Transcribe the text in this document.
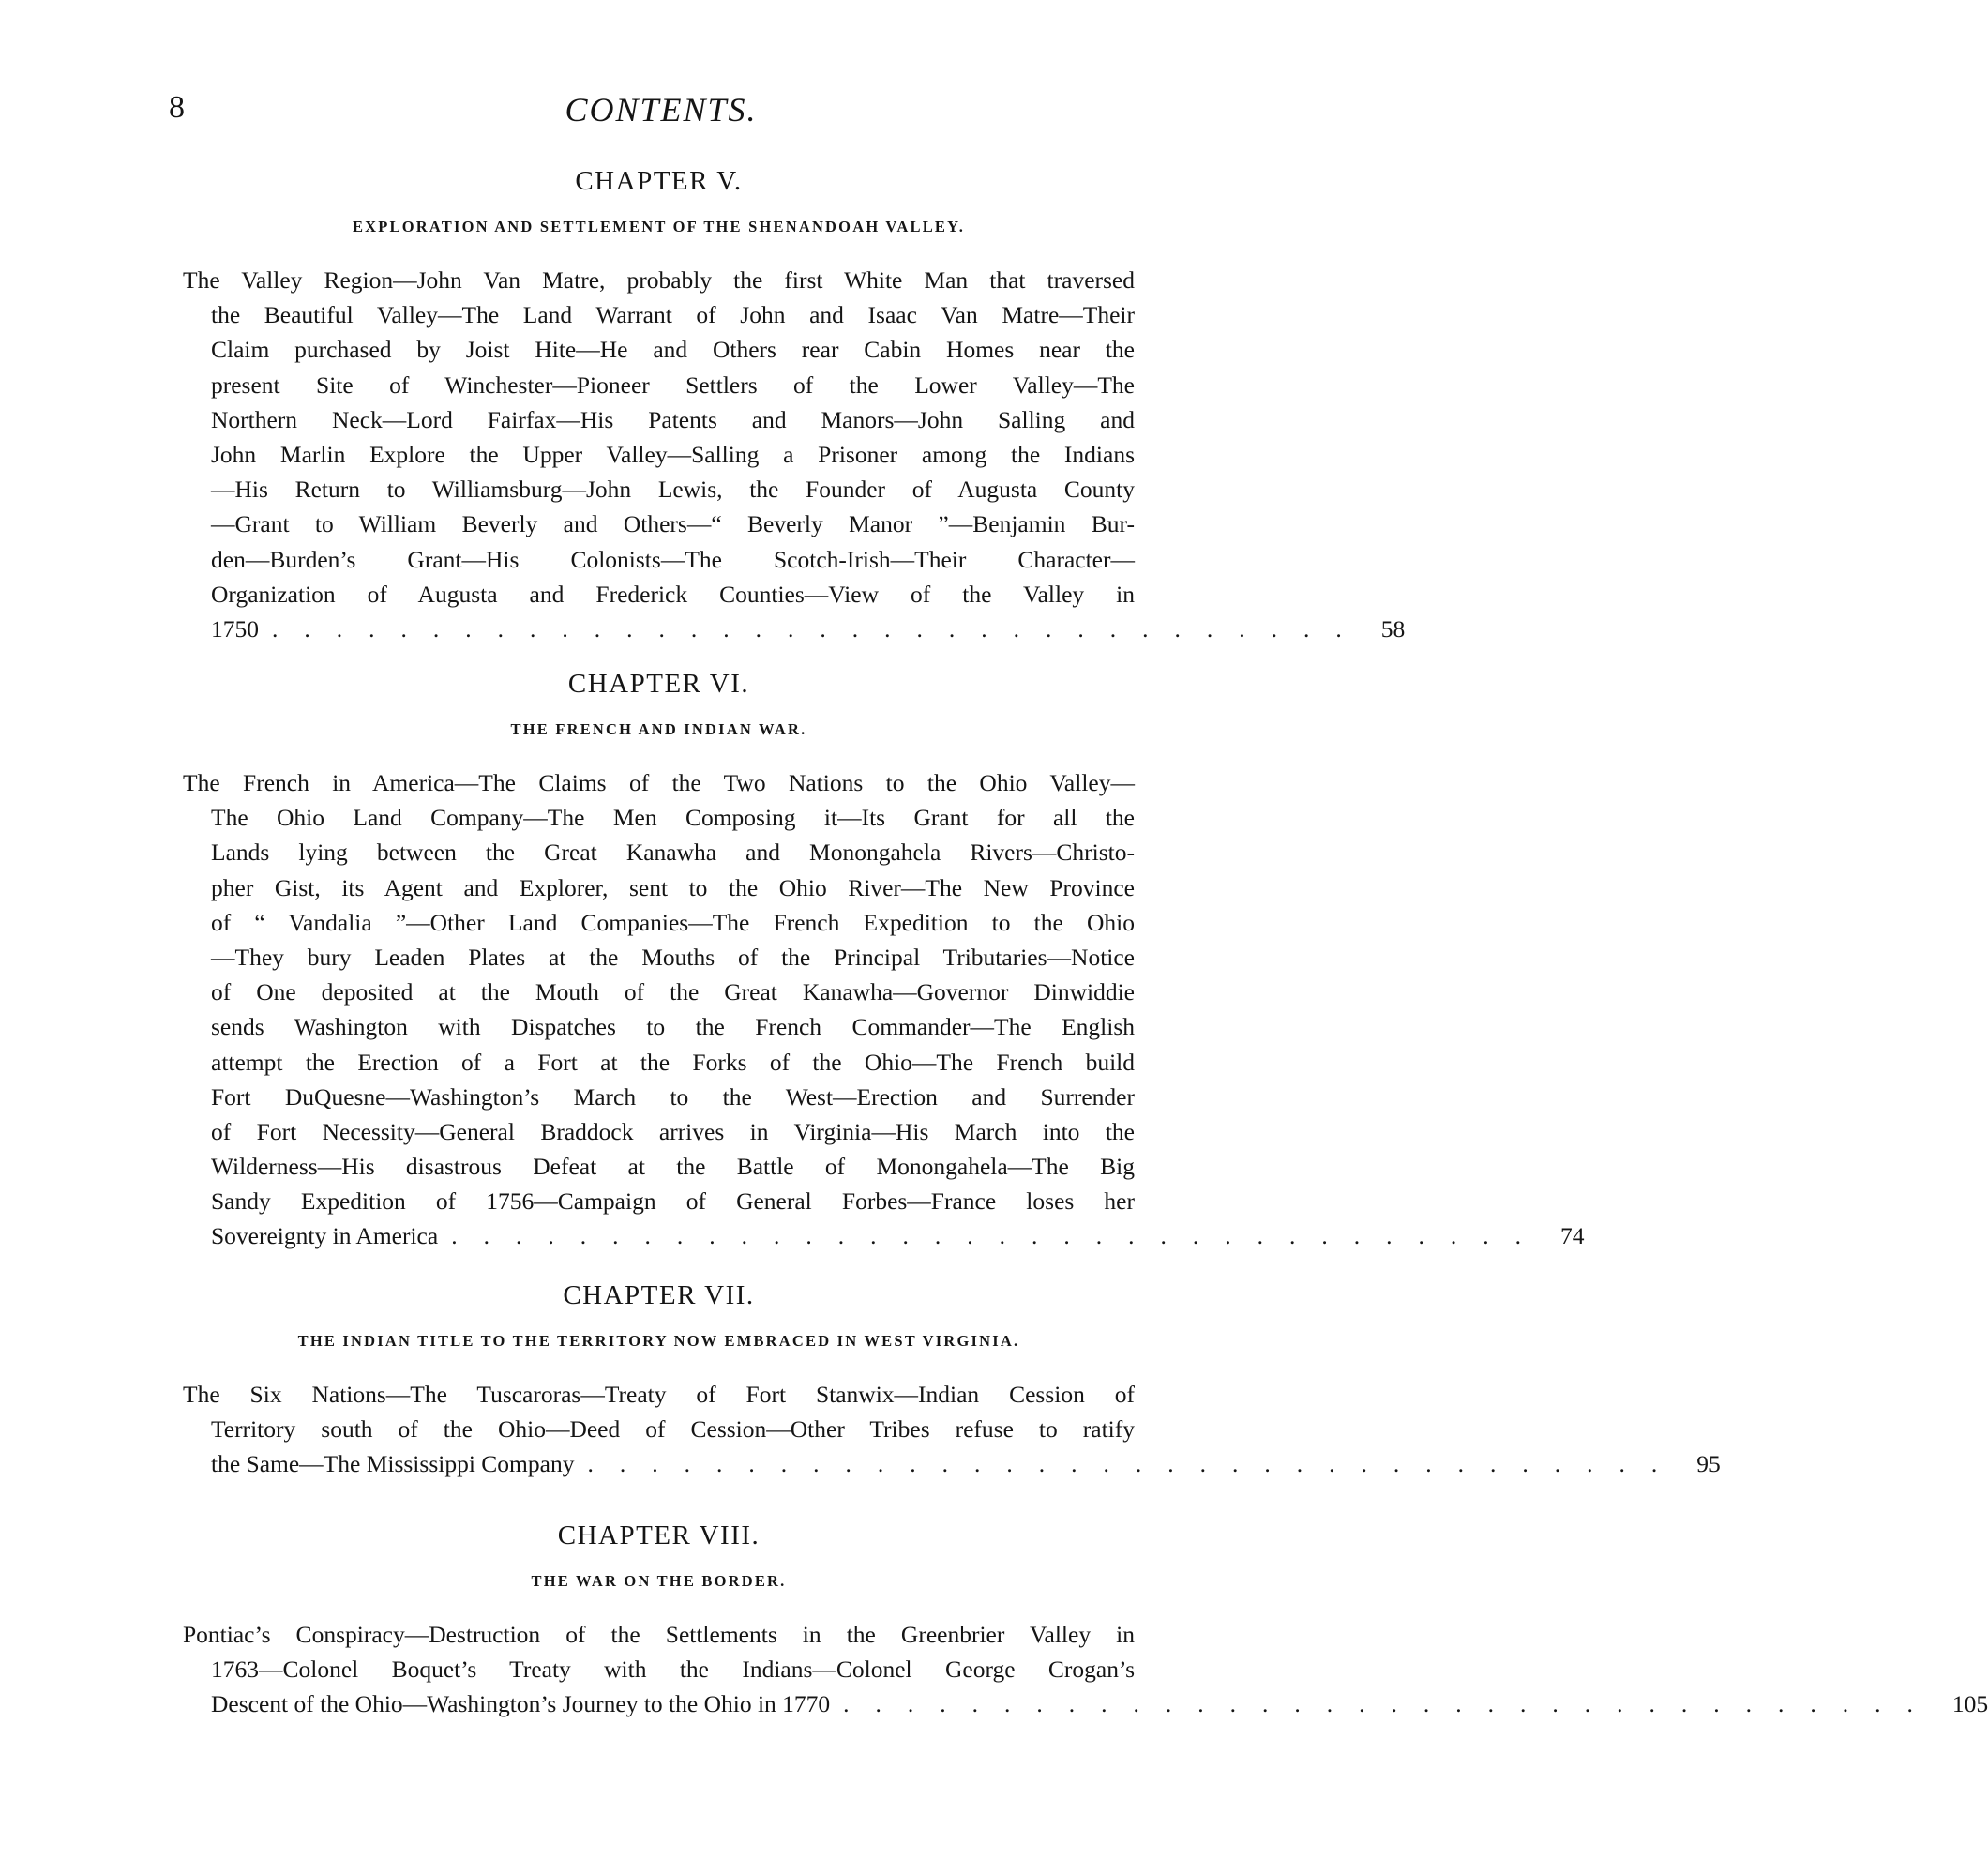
8	CONTENTS.
CHAPTER V.
EXPLORATION AND SETTLEMENT OF THE SHENANDOAH VALLEY.
The Valley Region—John Van Matre, probably the first White Man that traversed
the Beautiful Valley—The Land Warrant of John and Isaac Van Matre—Their
Claim purchased by Joist Hite—He and Others rear Cabin Homes near the
present Site of Winchester—Pioneer Settlers of the Lower Valley—The
Northern Neck—Lord Fairfax—His Patents and Manors—John Salling and
John Marlin Explore the Upper Valley—Salling a Prisoner among the Indians
—His Return to Williamsburg—John Lewis, the Founder of Augusta County
—Grant to William Beverly and Others—“ Beverly Manor ”—Benjamin Bur-
den—Burden’s Grant—His Colonists—The Scotch-Irish—Their Character—
Organization of Augusta and Frederick Counties—View of the Valley in
1750 .................................. 58
CHAPTER VI.
THE FRENCH AND INDIAN WAR.
The French in America—The Claims of the Two Nations to the Ohio Valley—
The Ohio Land Company—The Men Composing it—Its Grant for all the
Lands lying between the Great Kanawha and Monongahela Rivers—Christo-
pher Gist, its Agent and Explorer, sent to the Ohio River—The New Province
of “ Vandalia ”—Other Land Companies—The French Expedition to the Ohio
—They bury Leaden Plates at the Mouths of the Principal Tributaries—Notice
of One deposited at the Mouth of the Great Kanawha—Governor Dinwiddie
sends Washington with Dispatches to the French Commander—The English
attempt the Erection of a Fort at the Forks of the Ohio—The French build
Fort DuQuesne—Washington’s March to the West—Erection and Surrender
of Fort Necessity—General Braddock arrives in Virginia—His March into the
Wilderness—His disastrous Defeat at the Battle of Monongahela—The Big
Sandy Expedition of 1756—Campaign of General Forbes—France loses her
Sovereignty in America .................................. 74
CHAPTER VII.
THE INDIAN TITLE TO THE TERRITORY NOW EMBRACED IN WEST VIRGINIA.
The Six Nations—The Tuscaroras—Treaty of Fort Stanwix—Indian Cession of
Territory south of the Ohio—Deed of Cession—Other Tribes refuse to ratify
the Same—The Mississippi Company .................................. 95
CHAPTER VIII.
THE WAR ON THE BORDER.
Pontiac’s Conspiracy—Destruction of the Settlements in the Greenbrier Valley in
1763—Colonel Boquet’s Treaty with the Indians—Colonel George Crogan’s
Descent of the Ohio—Washington’s Journey to the Ohio in 1770 .................................. 105
